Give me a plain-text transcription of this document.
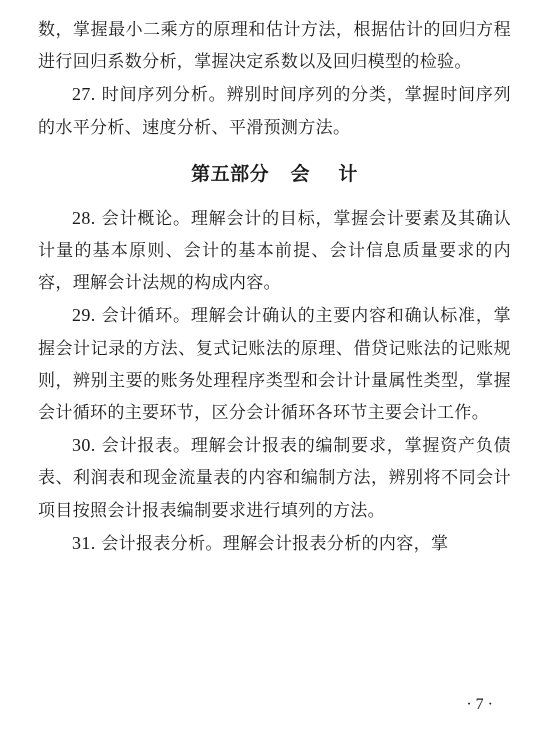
数，掌握最小二乘方的原理和估计方法，根据估计的回归方程进行回归系数分析，掌握决定系数以及回归模型的检验。

27. 时间序列分析。辨别时间序列的分类，掌握时间序列的水平分析、速度分析、平滑预测方法。

第五部分   会    计

28. 会计概论。理解会计的目标，掌握会计要素及其确认计量的基本原则、会计的基本前提、会计信息质量要求的内容，理解会计法规的构成内容。

29. 会计循环。理解会计确认的主要内容和确认标准，掌握会计记录的方法、复式记账法的原理、借贷记账法的记账规则，辨别主要的账务处理程序类型和会计计量属性类型，掌握会计循环的主要环节，区分会计循环各环节主要会计工作。

30. 会计报表。理解会计报表的编制要求，掌握资产负债表、利润表和现金流量表的内容和编制方法，辨别将不同会计项目按照会计报表编制要求进行填列的方法。

31. 会计报表分析。理解会计报表分析的内容，掌

· 7 ·
